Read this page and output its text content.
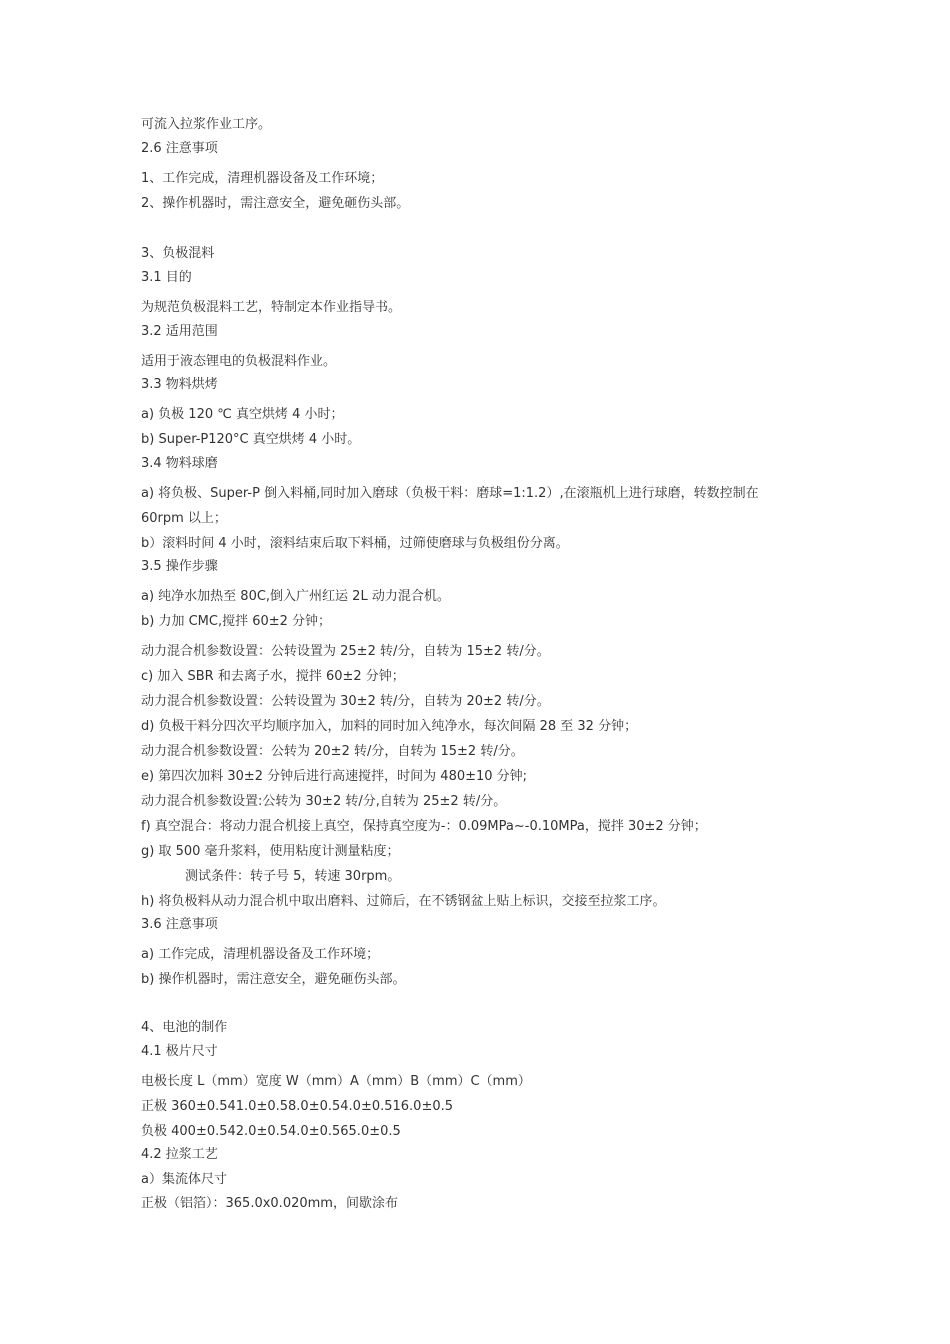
可流入拉浆作业工序。
2.6 注意事项
1、工作完成，清理机器设备及工作环境；
2、操作机器时，需注意安全，避免砸伤头部。
3、负极混料
3.1 目的
为规范负极混料工艺，特制定本作业指导书。
3.2 适用范围
适用于液态锂电的负极混料作业。
3.3 物料烘烤
a) 负极 120 ℃ 真空烘烤 4 小时；
b) Super-P120°C 真空烘烤 4 小时。
3.4 物料球磨
a) 将负极、Super-P 倒入料桶,同时加入磨球（负极干料：磨球=1:1.2）,在滚瓶机上进行球磨，转数控制在
60rpm 以上；
b）滚料时间 4 小时，滚料结束后取下料桶，过筛使磨球与负极组份分离。
3.5 操作步骤
a) 纯净水加热至 80C,倒入广州红运 2L 动力混合机。
b) 力加 CMC,搅拌 60±2 分钟；
动力混合机参数设置：公转设置为 25±2 转/分，自转为 15±2 转/分。
c) 加入 SBR 和去离子水，搅拌 60±2 分钟；
动力混合机参数设置：公转设置为 30±2 转/分，自转为 20±2 转/分。
d) 负极干料分四次平均顺序加入，加料的同时加入纯净水，每次间隔 28 至 32 分钟；
动力混合机参数设置：公转为 20±2 转/分，自转为 15±2 转/分。
e) 第四次加料 30±2 分钟后进行高速搅拌，时间为 480±10 分钟;
动力混合机参数设置:公转为 30±2 转/分,自转为 25±2 转/分。
f) 真空混合：将动力混合机接上真空，保持真空度为-：0.09MPa~-0.10MPa，搅拌 30±2 分钟；
g) 取 500 毫升浆料，使用粘度计测量粘度；
测试条件：转子号 5，转速 30rpm。
h) 将负极料从动力混合机中取出磨料、过筛后，在不锈钢盆上贴上标识，交接至拉浆工序。
3.6 注意事项
a) 工作完成，清理机器设备及工作环境；
b) 操作机器时，需注意安全，避免砸伤头部。
4、电池的制作
4.1 极片尺寸
电极长度 L（mm）宽度 W（mm）A（mm）B（mm）C（mm）
正极 360±0.541.0±0.58.0±0.54.0±0.516.0±0.5
负极 400±0.542.0±0.54.0±0.565.0±0.5
4.2 拉浆工艺
a）集流体尺寸
正极（铝箔）：365.0x0.020mm，间歇涂布
